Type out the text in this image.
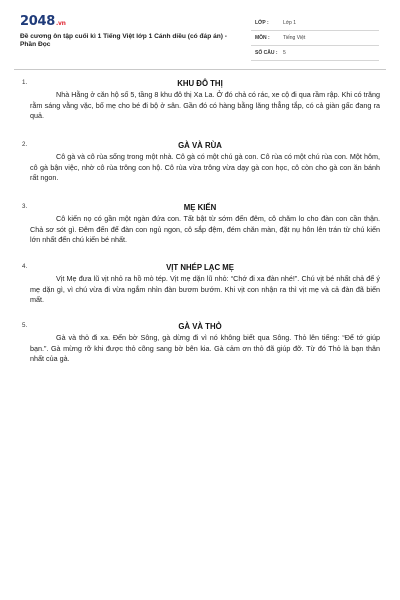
2048.vn
Đề cương ôn tập cuối kì 1 Tiếng Việt lớp 1 Cánh diều (có đáp án) - Phần Đọc
LỚP :	Lớp 1
MÔN :	Tiếng Việt
SỐ CÂU : 5
1.	KHU ĐÔ THỊ
Nhà Hằng ở căn hộ số 5, tầng 8 khu đô thị Xa La. Ở đó chả có rác, xe cộ đi qua rầm rập. Khi có trăng rằm sáng vằng vặc, bố mẹ cho bé đi bộ ở sân. Gần đó có hàng bằng lăng thẳng tắp, có cả giàn gấc đang ra quả.
2.	GÀ VÀ RÙA
Cô gà và cô rùa sống trong một nhà. Cô gà có một chú gà con. Cô rùa có một chú rùa con. Một hôm, cô gà bận việc, nhờ cô rùa trông con hộ. Cô rùa vừa trông vừa dạy gà con học, cô còn cho gà con ăn bánh rất ngon.
3.	MẸ KIẾN
Cô kiến nọ có gần một ngàn đứa con. Tất bật từ sớm đến đêm, cô chăm lo cho đàn con cần thận. Chả sơ sót gì. Đêm đến để đàn con ngủ ngon, cô sắp đệm, đém chăn màn, đặt nụ hôn lên trán từ chú kiến lớn nhất đến chú kiến bé nhất.
4.	VỊT NHÉP LẠC MẸ
Vịt Mẹ đưa lũ vịt nhỏ ra hồ mò tép. Vịt mẹ dặn lũ nhỏ: “Chớ đi xa đàn nhé!”. Chú vịt bé nhất chả để ý mẹ dặn gì, vì chú vừa đi vừa ngắm nhìn đàn bươm bướm. Khi vịt con nhận ra thì vịt mẹ và cả đàn đã biến mất.
5.	GÀ VÀ THỎ
Gà và thỏ đi xa. Đến bờ Sông, gà dừng đi vì nó không biết qua Sông. Thỏ lên tiếng: “Để tớ giúp bạn.”. Gà mừng rỡ khi được thỏ cõng sang bờ bên kia. Gà cảm ơn thỏ đã giúp đỡ. Từ đó Thỏ là bạn thân nhất của gà.
